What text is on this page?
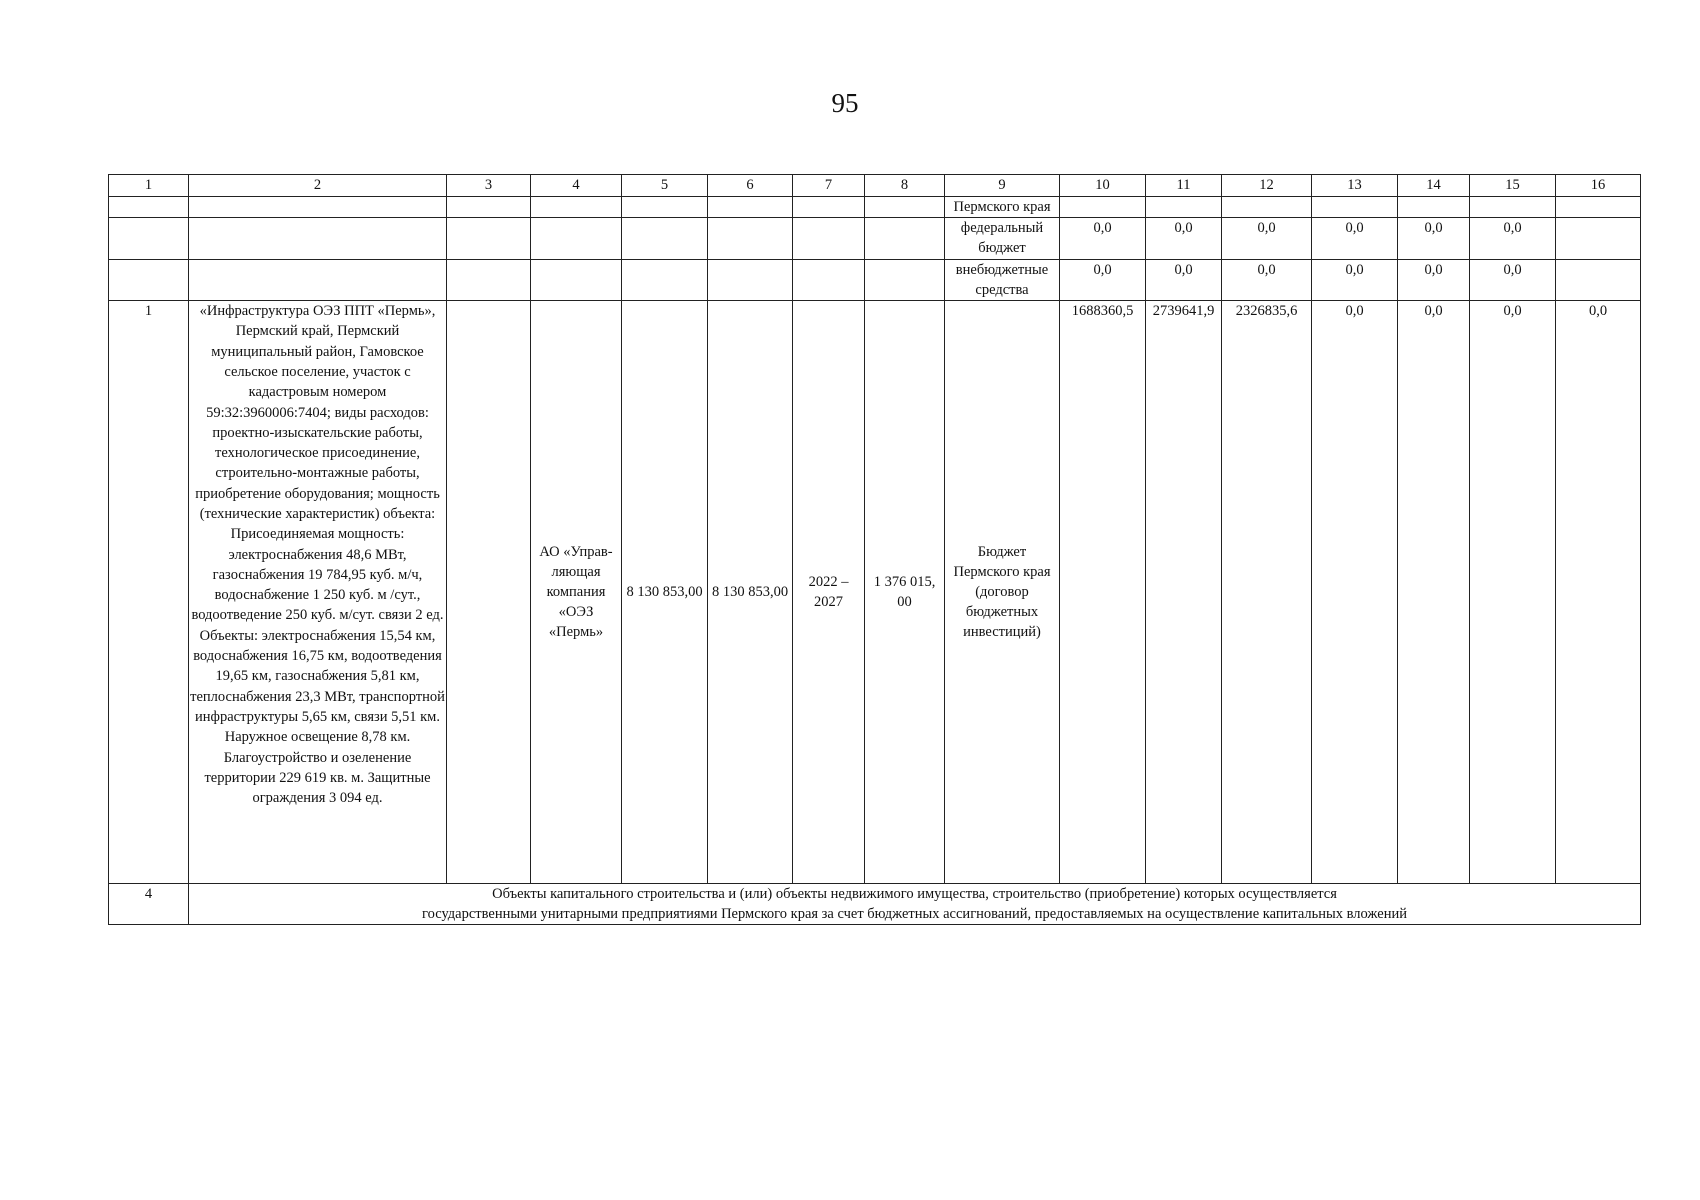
95
1	2	3	4	5	6	7	8	9	10	11	12	13	14	15	16
								Пермского края							
								федеральный бюджет	0,0	0,0	0,0	0,0	0,0	0,0	
								внебюджетные средства	0,0	0,0	0,0	0,0	0,0	0,0	
1	«Инфраструктура ОЭЗ ППТ «Пермь», Пермский край, Пермский муниципальный район, Гамовское сельское поселение, участок с кадастровым номером 59:32:3960006:7404; виды расходов: проектно-изыскательские работы, технологическое присоединение, строительно-монтажные работы, приобретение оборудования; мощность (технические характеристик) объекта: Присоединяемая мощность: электроснабжения 48,6 МВт, газоснабжения 19 784,95 куб. м/ч, водоснабжение 1 250 куб. м /сут., водоотведение 250 куб. м/сут. связи 2 ед. Объекты: электроснабжения 15,54 км, водоснабжения 16,75 км, водоотведения 19,65 км, газоснабжения 5,81 км, теплоснабжения 23,3 МВт, транспортной инфраструктуры 5,65 км, связи 5,51 км. Наружное освещение 8,78 км. Благоустройство и озеленение территории 229 619 кв. м. Защитные ограждения 3 094 ед.		АО «Управ-ляющая компания «ОЭЗ «Пермь»	8 130 853,00	8 130 853,00	2022 – 2027	1 376 015, 00	Бюджет Пермского края (договор бюджетных инвестиций)	1688360,5	2739641,9	2326835,6	0,0	0,0	0,0	0,0
4	Объекты капитального строительства и (или) объекты недвижимого имущества, строительство (приобретение) которых осуществляется
государственными унитарными предприятиями Пермского края за счет бюджетных ассигнований, предоставляемых на осуществление капитальных вложений														
